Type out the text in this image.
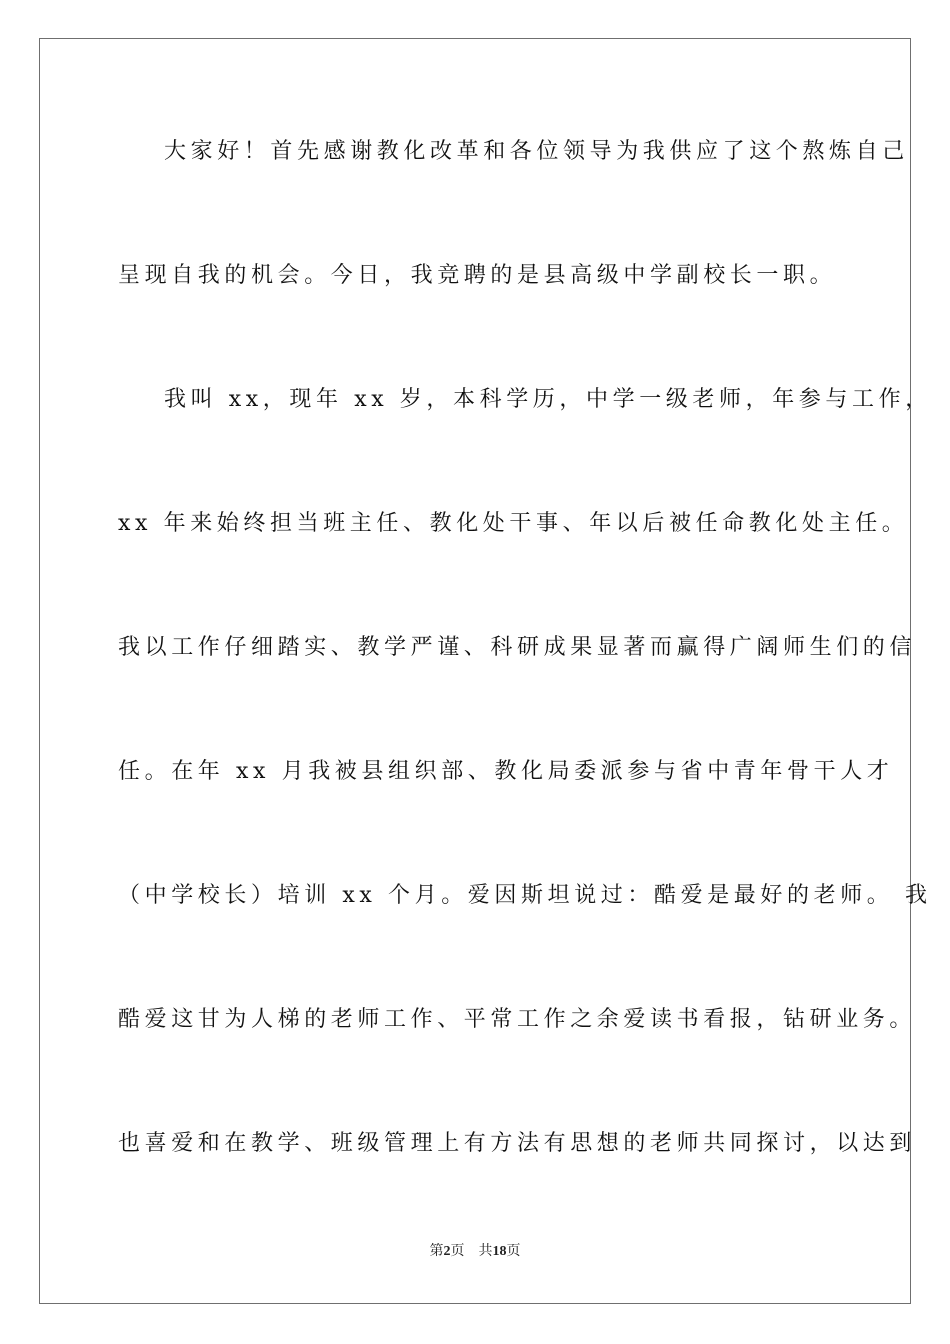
大家好！首先感谢教化改革和各位领导为我供应了这个熬炼自己
呈现自我的机会。今日，我竞聘的是县高级中学副校长一职。
我叫 xx，现年 xx 岁，本科学历，中学一级老师，年参与工作，
xx 年来始终担当班主任、教化处干事、年以后被任命教化处主任。
我以工作仔细踏实、教学严谨、科研成果显著而赢得广阔师生们的信
任。在年 xx 月我被县组织部、教化局委派参与省中青年骨干人才
（中学校长）培训 xx 个月。爱因斯坦说过：酷爱是最好的老师。 我
酷爱这甘为人梯的老师工作、平常工作之余爱读书看报，钻研业务。
也喜爱和在教学、班级管理上有方法有思想的老师共同探讨，以达到
第2页 共18页
